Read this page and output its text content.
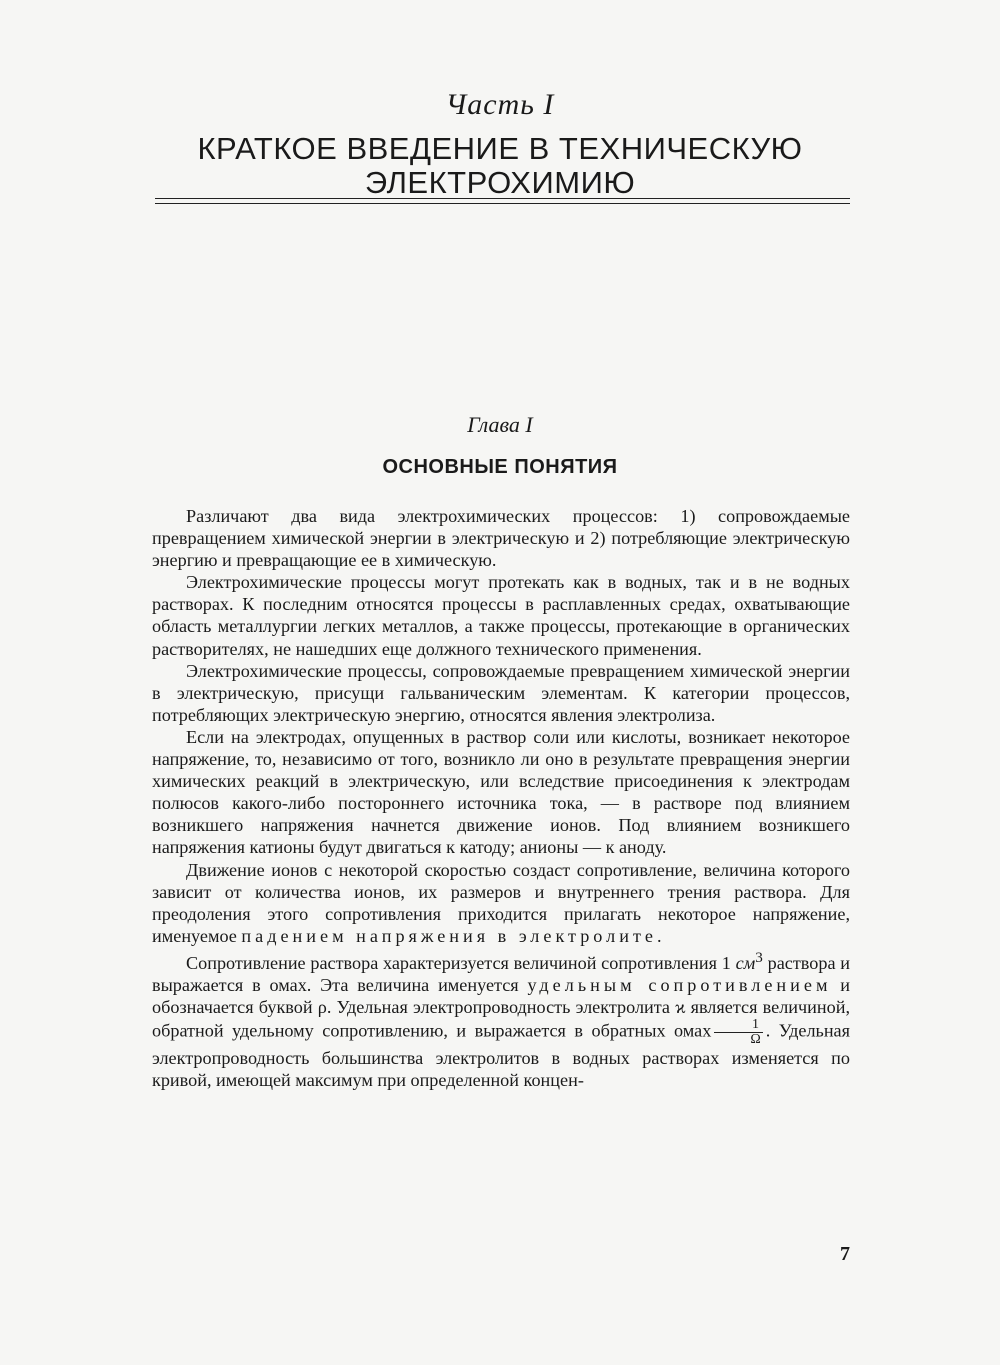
Часть I
КРАТКОЕ ВВЕДЕНИЕ В ТЕХНИЧЕСКУЮ
ЭЛЕКТРОХИМИЮ
Глава I
ОСНОВНЫЕ ПОНЯТИЯ

Различают два вида электрохимических процессов: 1) сопровождаемые превращением химической энергии в электрическую и 2) потребляющие электрическую энергию и превращающие ее в химическую.

Электрохимические процессы могут протекать как в водных, так и в не водных растворах. К последним относятся процессы в расплавленных средах, охватывающие область металлургии легких металлов, а также процессы, протекающие в органических растворителях, не нашедших еще должного технического применения.

Электрохимические процессы, сопровождаемые превращением химической энергии в электрическую, присущи гальваническим элементам. К категории процессов, потребляющих электрическую энергию, относятся явления электролиза.

Если на электродах, опущенных в раствор соли или кислоты, возникает некоторое напряжение, то, независимо от того, возникло ли оно в результате превращения энергии химических реакций в электрическую, или вследствие присоединения к электродам полюсов какого-либо постороннего источника тока, — в растворе под влиянием возникшего напряжения начнется движение ионов. Под влиянием возникшего напряжения катионы будут двигаться к катоду; анионы — к аноду.

Движение ионов с некоторой скоростью создаст сопротивление, величина которого зависит от количества ионов, их размеров и внутреннего трения раствора. Для преодоления этого сопротивления приходится прилагать некоторое напряжение, именуемое падением напряжения в электролите.

Сопротивление раствора характеризуется величиной сопротивления 1 $см^3$ раствора и выражается в омах. Эта величина именуется удельным сопротивлением и обозначается буквой ρ. Удельная электропроводность электролита ϰ является величиной, обратной удельному сопротивлению, и выражается в обратных омах $\frac{1}{\Omega}$ . Удельная электропроводность большинства электролитов в водных растворах изменяется по кривой, имеющей максимум при определенной концен-

7
